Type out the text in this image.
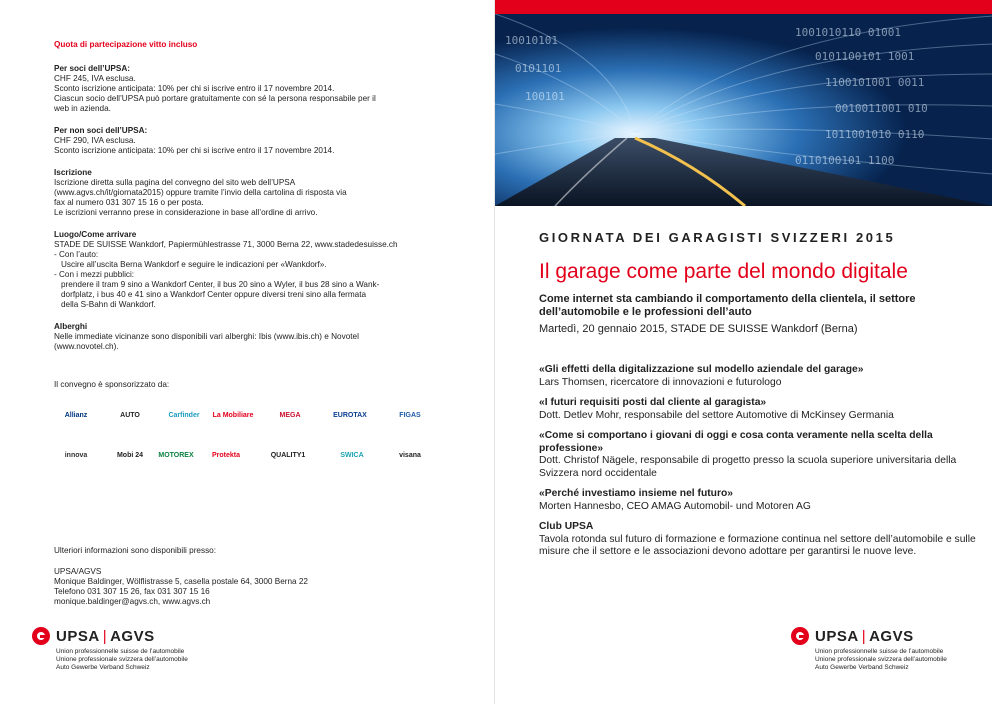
Quota di partecipazione vitto incluso
Per soci dell’UPSA:

CHF 245, IVA esclusa.

Sconto iscrizione anticipata: 10% per chi si iscrive entro il 17 novembre 2014.

Ciascun socio dell’UPSA può portare gratuitamente con sé la persona responsabile per il

web in azienda.

Per non soci dell’UPSA:

CHF 290, IVA esclusa.

Sconto iscrizione anticipata: 10% per chi si iscrive entro il 17 novembre 2014.

Iscrizione

Iscrizione diretta sulla pagina del convegno del sito web dell’UPSA

(www.agvs.ch/it/giornata2015) oppure tramite l’invio della cartolina di risposta via

fax al numero 031 307 15 16 o per posta.

Le iscrizioni verranno prese in considerazione in base all’ordine di arrivo.

Luogo/Come arrivare

STADE DE SUISSE Wankdorf, Papiermühlestrasse 71, 3000 Berna 22, www.stadedesuisse.ch

- Con l’auto:

Uscire all’uscita Berna Wankdorf e seguire le indicazioni per «Wankdorf».

- Con i mezzi pubblici:

prendere il tram 9 sino a Wankdorf Center, il bus 20 sino a Wyler, il bus 28 sino a Wank-

dorfplatz, i bus 40 e 41 sino a Wankdorf Center oppure diversi treni sino alla fermata

della S-Bahn di Wankdorf.

Alberghi

Nelle immediate vicinanze sono disponibili vari alberghi: Ibis (www.ibis.ch) e Novotel

(www.novotel.ch).

Il convegno è sponsorizzato da:
Allianz	AUTO	Carfinder	La Mobiliare	MEGA	EUROTAX	FIGAS
innova	Mobi 24	MOTOREX	Protekta	QUALITY1	SWICA	visana
Ulteriori informazioni sono disponibili presso:

UPSA/AGVS

Monique Baldinger, Wölflistrasse 5, casella postale 64, 3000 Berna 22

Telefono 031 307 15 26, fax 031 307 15 16

monique.baldinger@agvs.ch, www.agvs.ch

UPSA | AGVS

Union professionnelle suisse de l’automobile

Unione professionale svizzera dell’automobile

Auto Gewerbe Verband Schweiz

1001010110 01001
0101100101 1001
1100101001 0011
0010011001 010
1011001010 0110
0110100101 1100
10010101
0101101
100101
GIORNATA DEI GARAGISTI SVIZZERI 2015
Il garage come parte del mondo digitale

Come internet sta cambiando il comportamento della clientela, il settore

dell’automobile e le professioni dell’auto

Martedì, 20 gennaio 2015, STADE DE SUISSE Wankdorf (Berna)
«Gli effetti della digitalizzazione sul modello aziendale del garage»
Lars Thomsen, ricercatore di innovazioni e futurologo
«I futuri requisiti posti dal cliente al garagista»
Dott. Detlev Mohr, responsabile del settore Automotive di McKinsey Germania
«Come si comportano i giovani di oggi e cosa conta veramente nella scelta della professione»
Dott. Christof Nägele, responsabile di progetto presso la scuola superiore universitaria della Svizzera nord occidentale
«Perché investiamo insieme nel futuro»
Morten Hannesbo, CEO AMAG Automobil- und Motoren AG
Club UPSA
Tavola rotonda sul futuro di formazione e formazione continua nel settore dell’automobile e sulle misure che il settore e le associazioni devono adottare per garantirsi le nuove leve.
UPSA | AGVS

Union professionnelle suisse de l’automobile

Unione professionale svizzera dell’automobile

Auto Gewerbe Verband Schweiz
